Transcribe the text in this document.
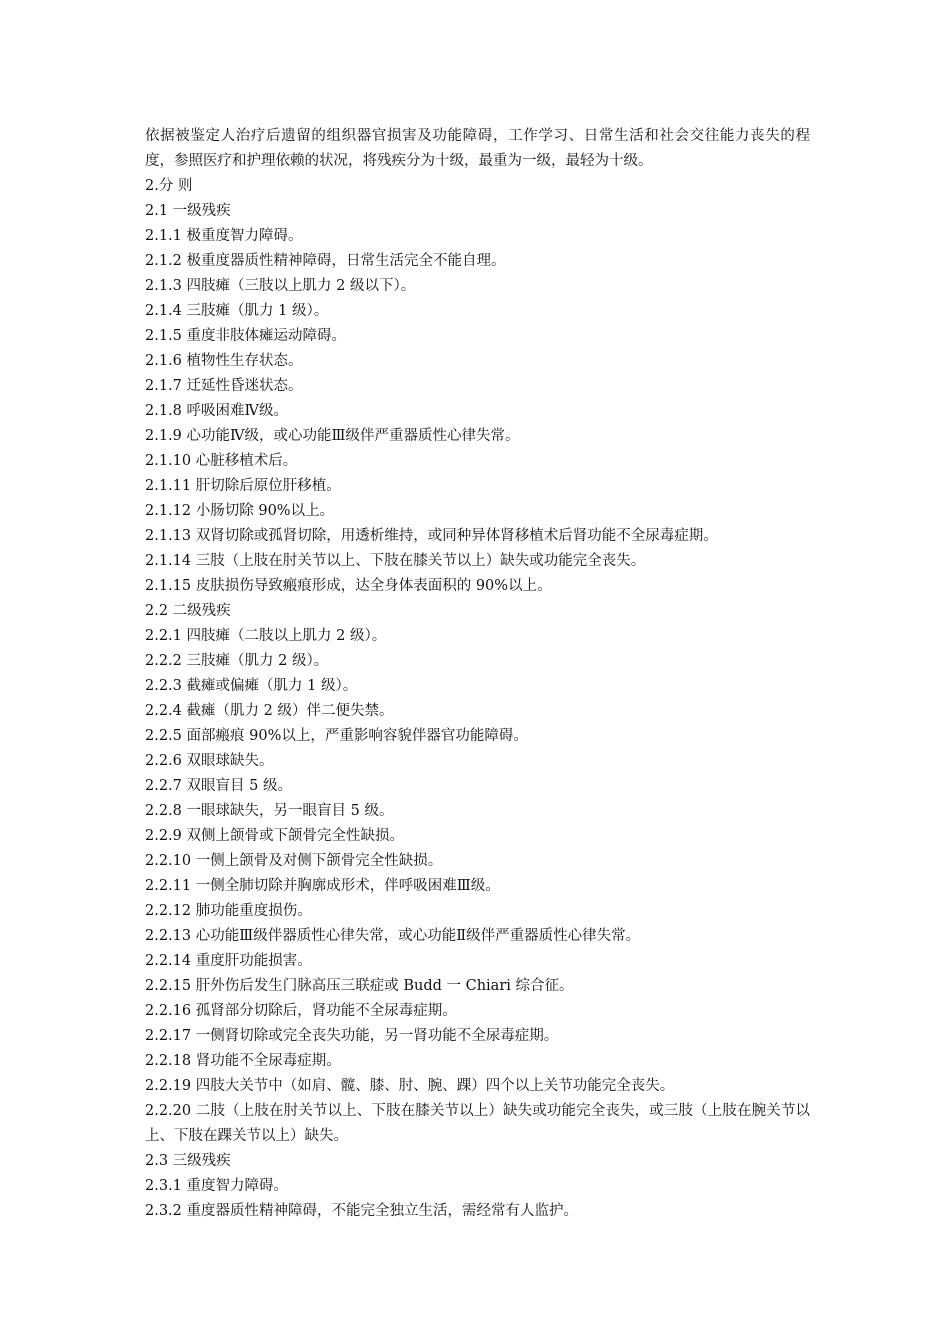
依据被鉴定人治疗后遗留的组织器官损害及功能障碍，工作学习、日常生活和社会交往能力丧失的程度，参照医疗和护理依赖的状况，将残疾分为十级，最重为一级，最轻为十级。

2.分 则

2.1 一级残疾

2.1.1 极重度智力障碍。

2.1.2 极重度器质性精神障碍，日常生活完全不能自理。

2.1.3 四肢瘫（三肢以上肌力 2 级以下）。

2.1.4 三肢瘫（肌力 1 级）。

2.1.5 重度非肢体瘫运动障碍。

2.1.6 植物性生存状态。

2.1.7 迁延性昏迷状态。

2.1.8 呼吸困难Ⅳ级。

2.1.9 心功能Ⅳ级，或心功能Ⅲ级伴严重器质性心律失常。

2.1.10 心脏移植术后。

2.1.11 肝切除后原位肝移植。

2.1.12 小肠切除 90%以上。

2.1.13 双肾切除或孤肾切除，用透析维持，或同种异体肾移植术后肾功能不全尿毒症期。

2.1.14 三肢（上肢在肘关节以上、下肢在膝关节以上）缺失或功能完全丧失。

2.1.15 皮肤损伤导致瘢痕形成，达全身体表面积的 90%以上。

2.2 二级残疾

2.2.1 四肢瘫（二肢以上肌力 2 级）。

2.2.2 三肢瘫（肌力 2 级）。

2.2.3 截瘫或偏瘫（肌力 1 级）。

2.2.4 截瘫（肌力 2 级）伴二便失禁。

2.2.5 面部瘢痕 90%以上，严重影响容貌伴器官功能障碍。

2.2.6 双眼球缺失。

2.2.7 双眼盲目 5 级。

2.2.8 一眼球缺失，另一眼盲目 5 级。

2.2.9 双侧上颌骨或下颌骨完全性缺损。

2.2.10 一侧上颌骨及对侧下颌骨完全性缺损。

2.2.11 一侧全肺切除并胸廓成形术，伴呼吸困难Ⅲ级。

2.2.12 肺功能重度损伤。

2.2.13 心功能Ⅲ级伴器质性心律失常，或心功能Ⅱ级伴严重器质性心律失常。

2.2.14 重度肝功能损害。

2.2.15 肝外伤后发生门脉高压三联症或 Budd 一 Chiari 综合征。

2.2.16 孤肾部分切除后，肾功能不全尿毒症期。

2.2.17 一侧肾切除或完全丧失功能，另一肾功能不全尿毒症期。

2.2.18 肾功能不全尿毒症期。

2.2.19 四肢大关节中（如肩、髋、膝、肘、腕、踝）四个以上关节功能完全丧失。

2.2.20 二肢（上肢在肘关节以上、下肢在膝关节以上）缺失或功能完全丧失，或三肢（上肢在腕关节以上、下肢在踝关节以上）缺失。

2.3 三级残疾

2.3.1 重度智力障碍。

2.3.2 重度器质性精神障碍，不能完全独立生活，需经常有人监护。
